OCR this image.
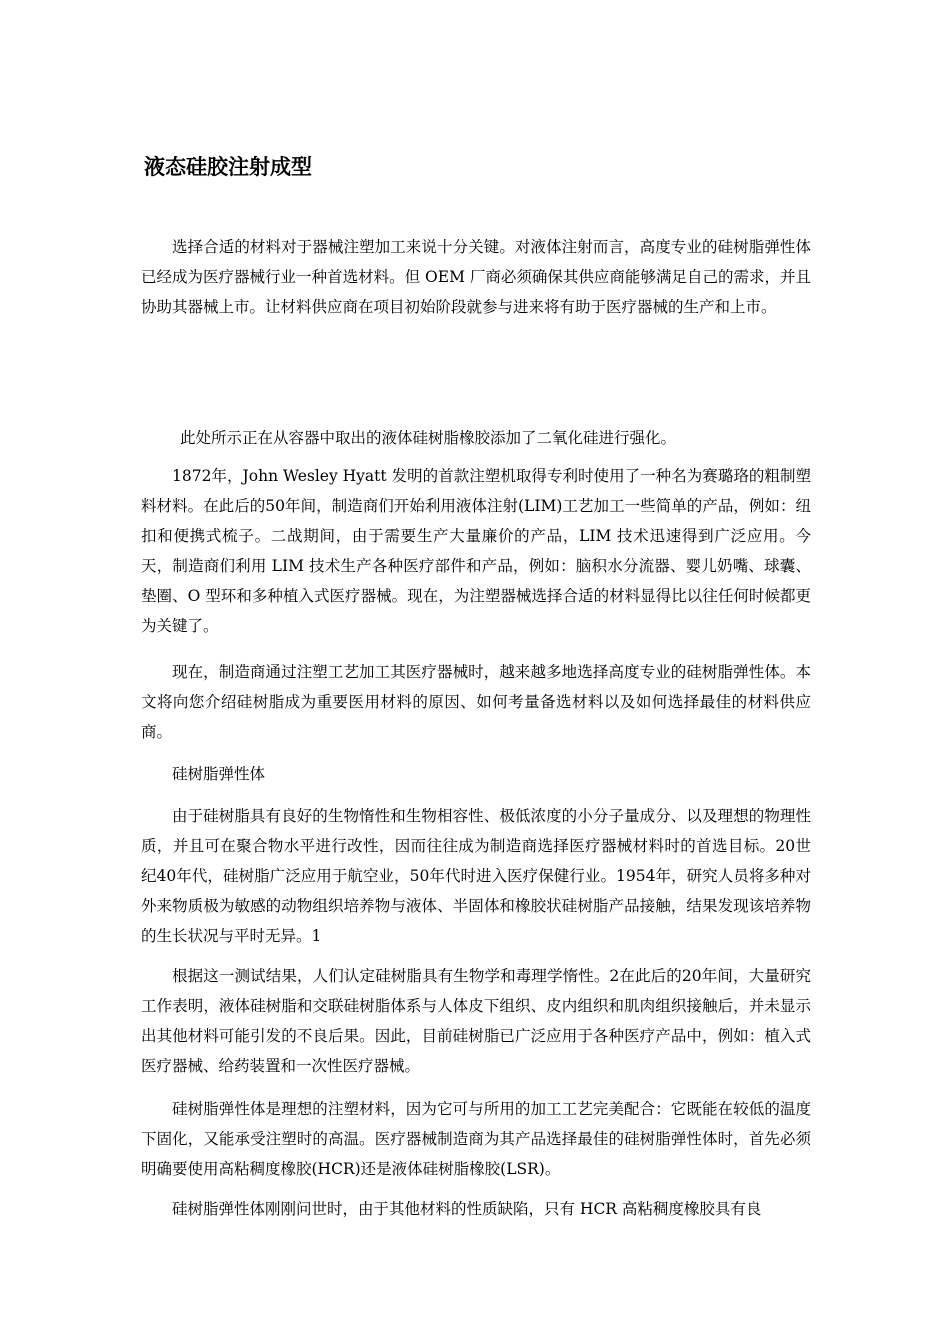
液态硅胶注射成型

选择合适的材料对于器械注塑加工来说十分关键。对液体注射而言，高度专业的硅树脂弹性体已经成为医疗器械行业一种首选材料。但 OEM 厂商必须确保其供应商能够满足自己的需求，并且协助其器械上市。让材料供应商在项目初始阶段就参与进来将有助于医疗器械的生产和上市。

此处所示正在从容器中取出的液体硅树脂橡胶添加了二氧化硅进行强化。

1872年，John Wesley Hyatt 发明的首款注塑机取得专利时使用了一种名为赛璐珞的粗制塑料材料。在此后的50年间，制造商们开始利用液体注射(LIM)工艺加工一些简单的产品，例如：纽扣和便携式梳子。二战期间，由于需要生产大量廉价的产品，LIM 技术迅速得到广泛应用。今天，制造商们利用 LIM 技术生产各种医疗部件和产品，例如：脑积水分流器、婴儿奶嘴、球囊、垫圈、O 型环和多种植入式医疗器械。现在，为注塑器械选择合适的材料显得比以往任何时候都更为关键了。

现在，制造商通过注塑工艺加工其医疗器械时，越来越多地选择高度专业的硅树脂弹性体。本文将向您介绍硅树脂成为重要医用材料的原因、如何考量备选材料以及如何选择最佳的材料供应商。

硅树脂弹性体

由于硅树脂具有良好的生物惰性和生物相容性、极低浓度的小分子量成分、以及理想的物理性质，并且可在聚合物水平进行改性，因而往往成为制造商选择医疗器械材料时的首选目标。20世纪40年代，硅树脂广泛应用于航空业，50年代时进入医疗保健行业。1954年，研究人员将多种对外来物质极为敏感的动物组织培养物与液体、半固体和橡胶状硅树脂产品接触，结果发现该培养物的生长状况与平时无异。1

根据这一测试结果，人们认定硅树脂具有生物学和毒理学惰性。2在此后的20年间，大量研究工作表明，液体硅树脂和交联硅树脂体系与人体皮下组织、皮内组织和肌肉组织接触后，并未显示出其他材料可能引发的不良后果。因此，目前硅树脂已广泛应用于各种医疗产品中，例如：植入式医疗器械、给药装置和一次性医疗器械。

硅树脂弹性体是理想的注塑材料，因为它可与所用的加工工艺完美配合：它既能在较低的温度下固化，又能承受注塑时的高温。医疗器械制造商为其产品选择最佳的硅树脂弹性体时，首先必须明确要使用高粘稠度橡胶(HCR)还是液体硅树脂橡胶(LSR)。

硅树脂弹性体刚刚问世时，由于其他材料的性质缺陷，只有 HCR 高粘稠度橡胶具有良
